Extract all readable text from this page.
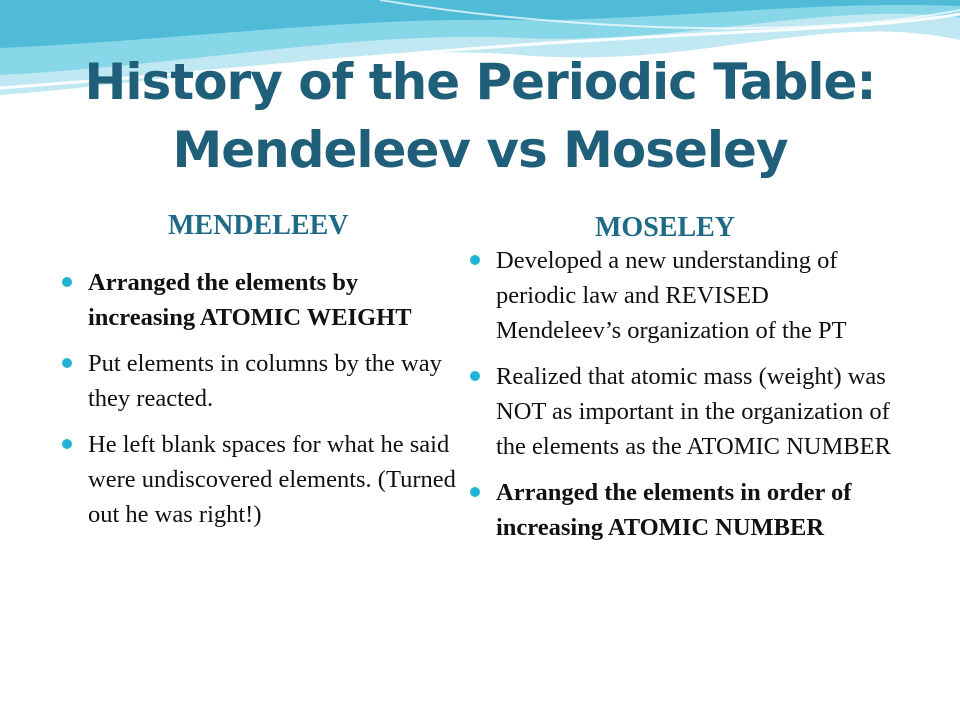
History of the Periodic Table:
Mendeleev vs Moseley
MENDELEEV	MOSELEY
Arranged the elements by increasing ATOMIC WEIGHT
Put elements in columns by the way they reacted.
He left blank spaces for what he said were undiscovered elements. (Turned out he was right!)
Developed a new understanding of periodic law and REVISED Mendeleev’s organization of the PT
Realized that atomic mass (weight) was NOT as important in the organization of the elements as the ATOMIC NUMBER
Arranged the elements in order of increasing ATOMIC NUMBER
